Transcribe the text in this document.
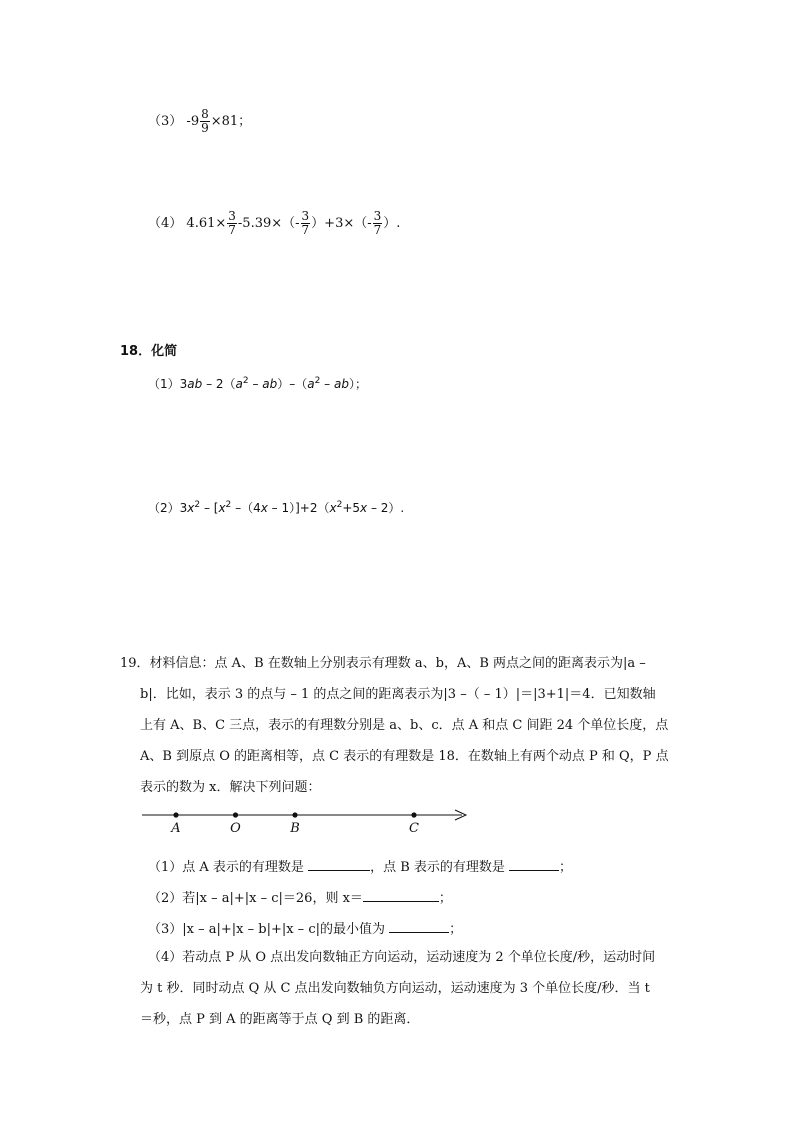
（3） $-9 \frac{8}{9} \times 81$；
（4） $4.61\times \frac{3}{7} -5.39\times(- \frac{3}{7} )+3\times(- \frac{3}{7}$ ）.
18．化简
$(1)3ab - 2(a^2 - ab)-(a^2 - ab)$；
$(2)3x^2 - [x^2$ $-(4x - 1)]+2(x^2+5x - 2)$.
19．材料信息：点 A、B 在数轴上分别表示有理数 a、b，A、B 两点之间的距离表示为|a –
b|．比如，表示 3 的点与 – 1 的点之间的距离表示为|3 –（ – 1）|＝|3+1|＝4．已知数轴
上有 A、B、C 三点，表示的有理数分别是 a、b、c．点 A 和点 C 间距 24 个单位长度，点
A、B 到原点 O 的距离相等，点 C 表示的有理数是 18．在数轴上有两个动点 P 和 Q，P 点
表示的数为 x．解决下列问题：
A	O	B	C
（1）点 A 表示的有理数是	，点 B 表示的有理数是	；
（2）若|x – a|+|x – c|＝26，则 x＝	；
（3）|x – a|+|x – b|+|x – c|的最小值为	；
（4）若动点 P 从 O 点出发向数轴正方向运动，运动速度为 2 个单位长度/秒，运动时间
为 t 秒．同时动点 Q 从 C 点出发向数轴负方向运动，运动速度为 3 个单位长度/秒．当 t
＝秒，点 P 到 A 的距离等于点 Q 到 B 的距离．
